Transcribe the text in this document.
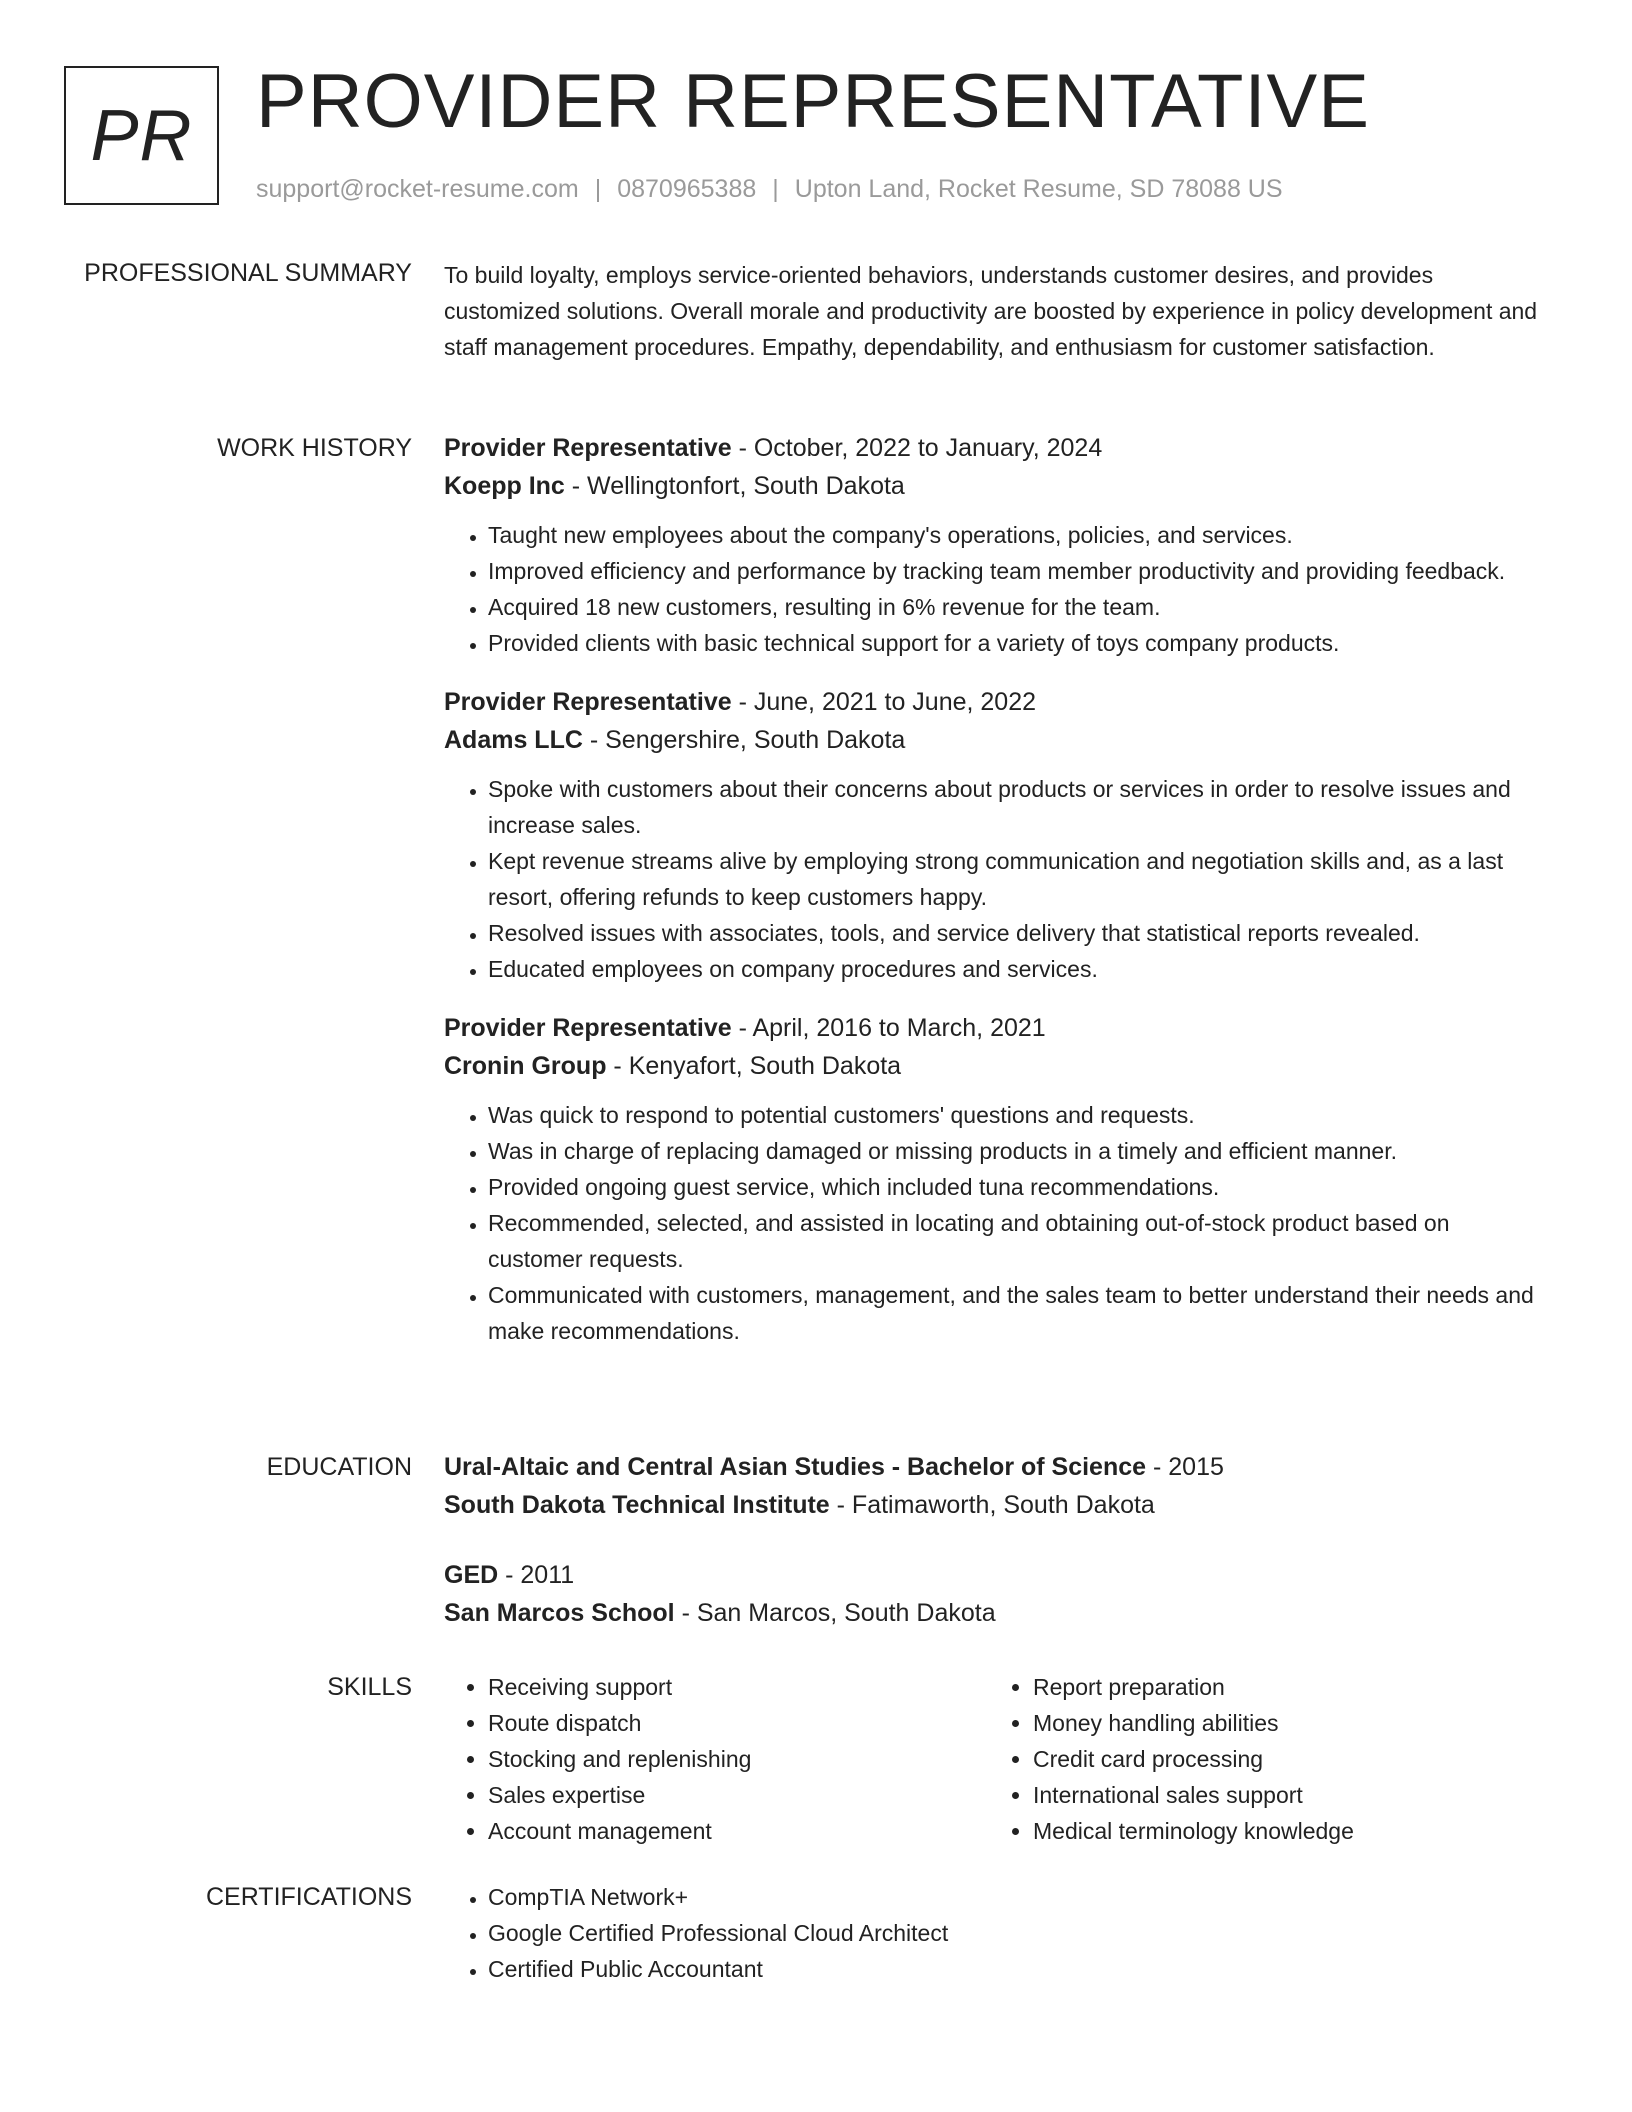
PR PROVIDER REPRESENTATIVE
support@rocket-resume.com | 0870965388 | Upton Land, Rocket Resume, SD 78088 US
PROFESSIONAL SUMMARY To build loyalty, employs service-oriented behaviors, understands customer desires, and provides customized solutions. Overall morale and productivity are boosted by experience in policy development and staff management procedures. Empathy, dependability, and enthusiasm for customer satisfaction.

WORK HISTORY Provider Representative - October, 2022 to January, 2024
Koepp Inc - Wellingtonfort, South Dakota
• Taught new employees about the company's operations, policies, and services.
• Improved efficiency and performance by tracking team member productivity and providing feedback.
• Acquired 18 new customers, resulting in 6% revenue for the team.
• Provided clients with basic technical support for a variety of toys company products.
Provider Representative - June, 2021 to June, 2022
Adams LLC - Sengershire, South Dakota
• Spoke with customers about their concerns about products or services in order to resolve issues and increase sales.
• Kept revenue streams alive by employing strong communication and negotiation skills and, as a last resort, offering refunds to keep customers happy.
• Resolved issues with associates, tools, and service delivery that statistical reports revealed.
• Educated employees on company procedures and services.
Provider Representative - April, 2016 to March, 2021
Cronin Group - Kenyafort, South Dakota
• Was quick to respond to potential customers' questions and requests.
• Was in charge of replacing damaged or missing products in a timely and efficient manner.
• Provided ongoing guest service, which included tuna recommendations.
• Recommended, selected, and assisted in locating and obtaining out-of-stock product based on customer requests.
• Communicated with customers, management, and the sales team to better understand their needs and make recommendations.
EDUCATION Ural-Altaic and Central Asian Studies - Bachelor of Science - 2015
South Dakota Technical Institute - Fatimaworth, South Dakota
GED - 2011
San Marcos School - San Marcos, South Dakota
SKILLS	• Receiving support
• Route dispatch
• Stocking and replenishing
• Sales expertise
• Account management
• Report preparation
• Money handling abilities
• Credit card processing
• International sales support
• Medical terminology knowledge
CERTIFICATIONS	• CompTIA Network+
• Google Certified Professional Cloud Architect
• Certified Public Accountant
